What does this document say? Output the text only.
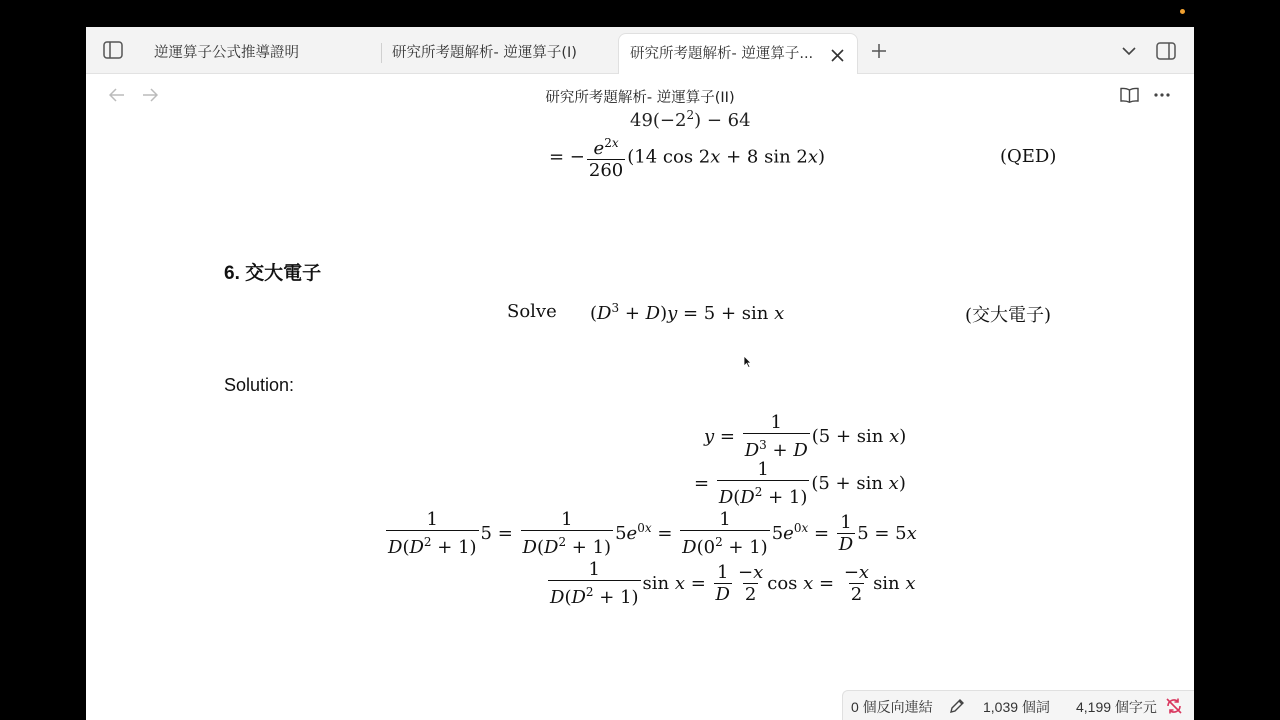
逆運算子公式推導證明	研究所考題解析- 逆運算子(I)	研究所考題解析- 逆運算子...
研究所考題解析- 逆運算子(II)
$49(-2^2) - 64$
= − $\frac{e^{2x}}{260} (14$ cos 2x + 8 sin 2x)	(QED)
6. 交大電子
Solve $(D^3 + D)y = 5 + \sin x$	(交大電子)
Solution:
$y = \frac{1}{D^3 + D} (5 + \sin x)$
= $\frac{1}{D(D^2 + 1)} (5 + \sin x)$
$\frac{1}{D(D^2 + 1)} 5 = \frac{1}{D(D^2 + 1)} 5e^{0x} = \frac{1}{D(0^2 + 1)} 5e^{0x} = \frac{1}{D} 5 = 5x$
$\frac{1}{D(D^2 + 1)}$ $\sin x = \frac{1}{D} \frac{-x}{2}$ $\cos x = \frac{-x}{2}$ sin x
0 個反向連結	1,039 個詞 4,199 個字元
